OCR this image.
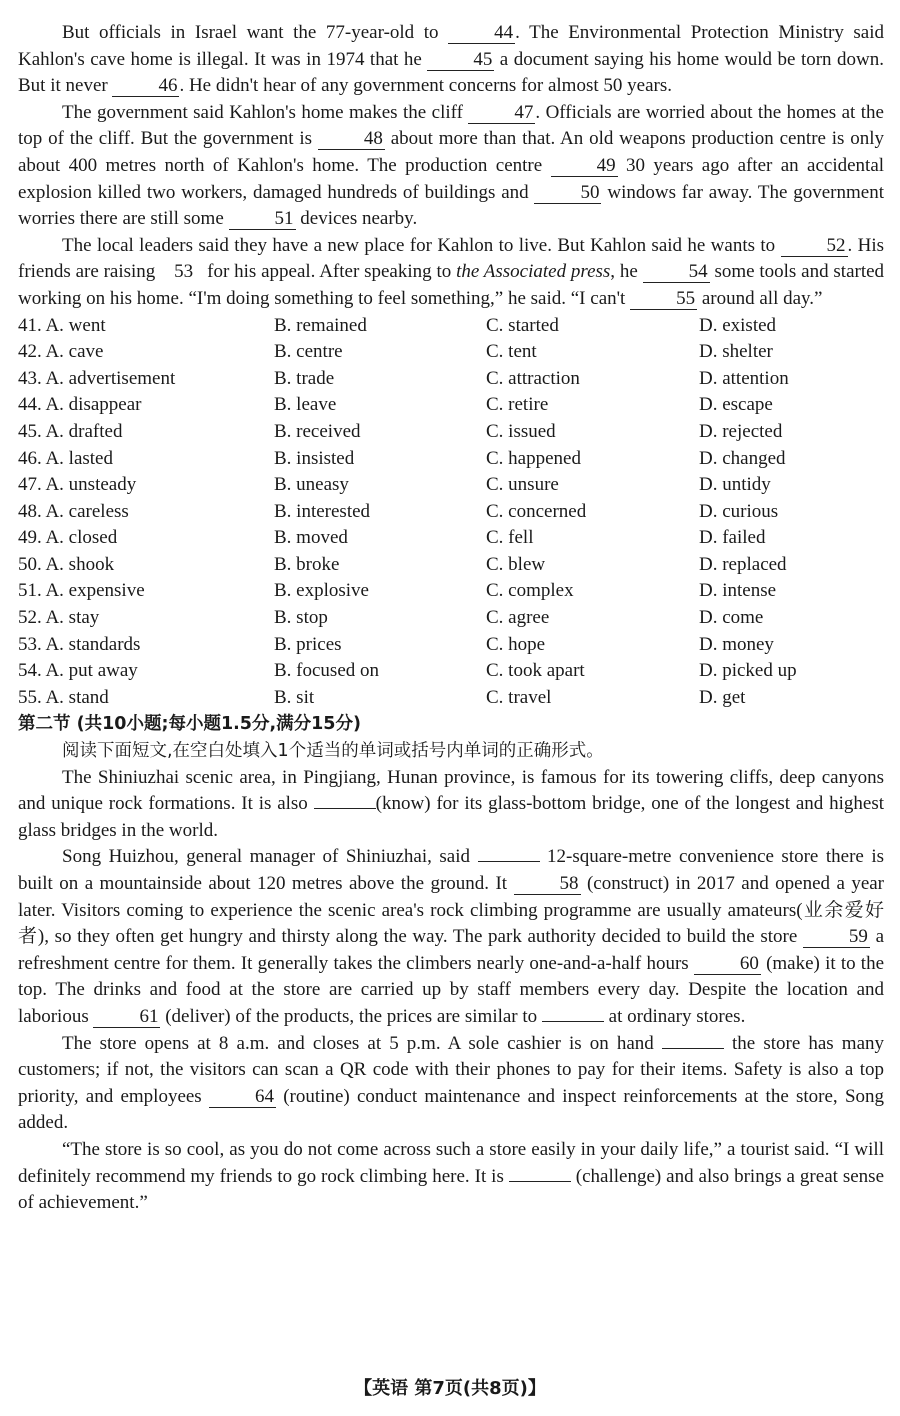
But officials in Israel want the 77-year-old to	44 . The Environmental Protection Ministry said Kahlon's cave home is illegal. It was in 1974 that he	45 a document saying his home would be torn down. But it never	46 . He didn't hear of any government concerns for almost 50 years.

The government said Kahlon's home makes the cliff	47 . Officials are worried about the homes at the top of the cliff. But the government is	48 about more than that. An old weapons production centre is only about 400 metres north of Kahlon's home. The production centre	49 30 years ago after an accidental explosion killed two workers, damaged hundreds of buildings and	50 windows far away. The government worries there are still some	51 devices nearby.

The local leaders said they have a new place for Kahlon to live. But Kahlon said he wants to	52 . His friends are raising 53 for his appeal. After speaking to the Associated press, he	54 some tools and started working on his home. “I'm doing something to feel something,” he said. “I can't	55 around all day.”

41. A. went	B. remained	C. started	D. existed
42. A. cave	B. centre	C. tent	D. shelter
43. A. advertisement	B. trade	C. attraction	D. attention
44. A. disappear	B. leave	C. retire	D. escape
45. A. drafted	B. received	C. issued	D. rejected
46. A. lasted	B. insisted	C. happened	D. changed
47. A. unsteady	B. uneasy	C. unsure	D. untidy
48. A. careless	B. interested	C. concerned	D. curious
49. A. closed	B. moved	C. fell	D. failed
50. A. shook	B. broke	C. blew	D. replaced
51. A. expensive	B. explosive	C. complex	D. intense
52. A. stay	B. stop	C. agree	D. come
53. A. standards	B. prices	C. hope	D. money
54. A. put away	B. focused on	C. took apart	D. picked up
55. A. stand	B. sit	C. travel	D. get

第二节 (共10小题;每小题1.5分,满分15分)

阅读下面短文,在空白处填入1个适当的单词或括号内单词的正确形式。

The Shiniuzhai scenic area, in Pingjiang, Hunan province, is famous for its towering cliffs, deep canyons and unique rock formations. It is also	(know) for its glass-bottom bridge, one of the longest and highest glass bridges in the world.

Song Huizhou, general manager of Shiniuzhai, said	12-square-metre convenience store there is built on a mountainside about 120 metres above the ground. It	58 (construct) in 2017 and opened a year later. Visitors coming to experience the scenic area's rock climbing programme are usually amateurs(业余爱好者), so they often get hungry and thirsty along the way. The park authority decided to build the store	59 a refreshment centre for them. It generally takes the climbers nearly one-and-a-half hours	60 (make) it to the top. The drinks and food at the store are carried up by staff members every day. Despite the location and laborious	61 (deliver) of the products, the prices are similar to	at ordinary stores.

The store opens at 8 a.m. and closes at 5 p.m. A sole cashier is on hand	the store has many customers; if not, the visitors can scan a QR code with their phones to pay for their items. Safety is also a top priority, and employees	64 (routine) conduct maintenance and inspect reinforcements at the store, Song added.

“The store is so cool, as you do not come across such a store easily in your daily life,” a tourist said. “I will definitely recommend my friends to go rock climbing here. It is	(challenge) and also brings a great sense of achievement.”

【英语 第7页(共8页)】
